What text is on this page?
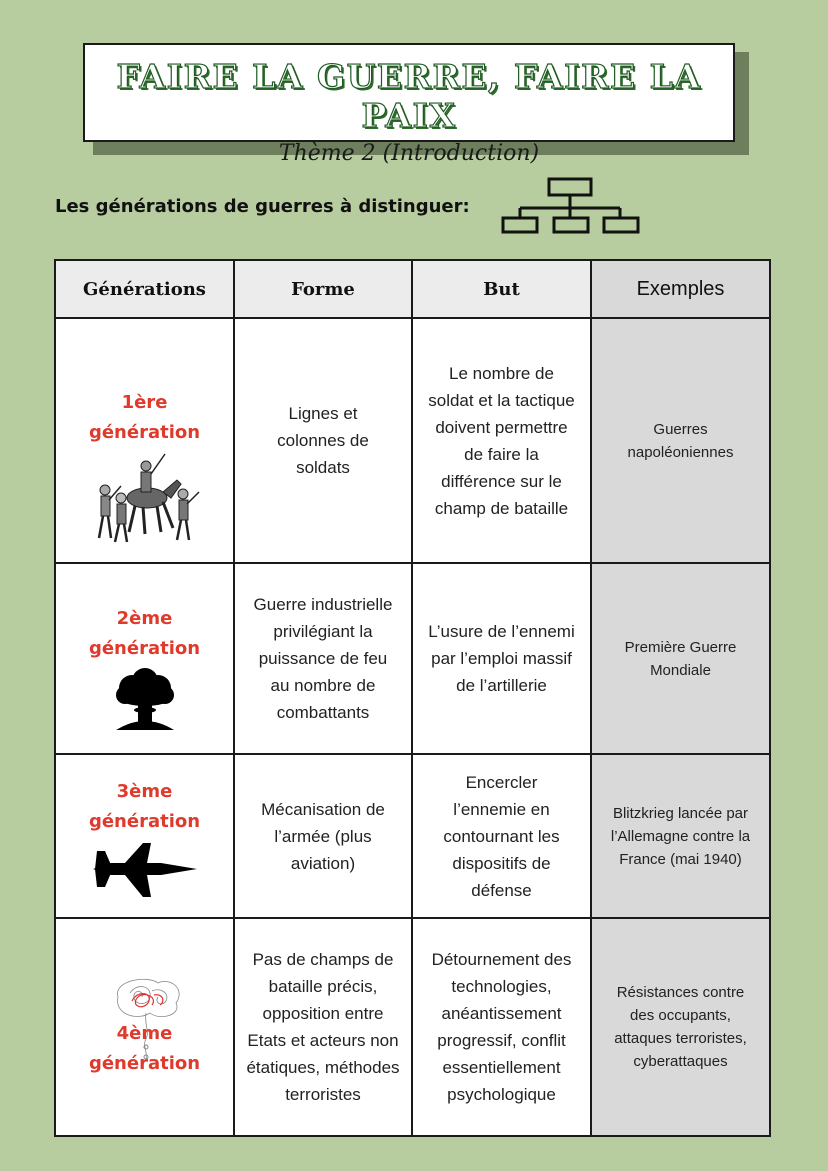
FAIRE LA GUERRE, FAIRE LA PAIX
Thème 2 (Introduction)
Les générations de guerres à distinguer:
Générations	Forme	But	Exemples

1ère
génération	Lignes et colonnes de soldats	Le nombre de soldat et la tactique doivent permettre de faire la différence sur le champ de bataille	Guerres napoléoniennes

2ème
génération	Guerre industrielle privilégiant la puissance de feu au nombre de combattants	L’usure de l’ennemi par l’emploi massif de l’artillerie	Première Guerre Mondiale

3ème
génération	Mécanisation de l’armée (plus aviation)	Encercler l’ennemie en contournant les dispositifs de défense	Blitzkrieg lancée par l’Allemagne contre la France (mai 1940)

4ème
génération	Pas de champs de bataille précis, opposition entre Etats et acteurs non étatiques, méthodes terroristes	Détournement des technologies, anéantissement progressif, conflit essentiellement psychologique	Résistances contre des occupants, attaques terroristes, cyberattaques
